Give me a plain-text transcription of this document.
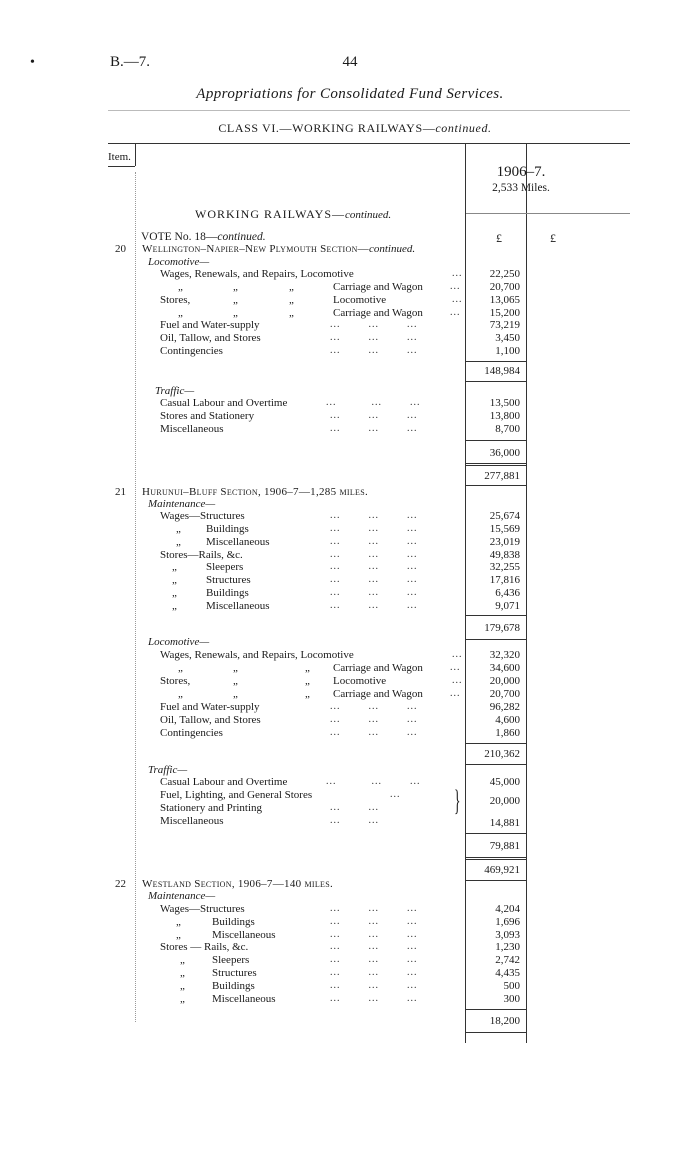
•	B.—7.	44
Appropriations for Consolidated Fund Services.
CLASS VI.—WORKING RAILWAYS—continued.
Item.
1906–7.
2,533 Miles.
£	£
WORKING RAILWAYS—continued.
VOTE No. 18—continued.
20 Wellington–Napier–New Plymouth Section—continued.
Locomotive—
Wages, Renewals, and Repairs, Locomotive	22,250
„	„	„	Carriage and Wagon	20,700
Stores,	„	„	Locomotive	13,065
„	„	„	Carriage and Wagon	15,200
Fuel and Water-supply	73,219
Oil, Tallow, and Stores	3,450
Contingencies	1,100
...
...
...
...
...        ...        ...
...        ...        ...
...        ...        ...
148,984
Traffic—
Casual Labour and Overtime	13,500
Stores and Stationery	13,800
Miscellaneous	8,700
...          ...        ...
...        ...        ...
...        ...        ...
36,000
277,881
21 Hurunui–Bluff Section, 1906–7—1,285 miles.
Maintenance—
Wages—Structures	25,674
„ Buildings	15,569
„ Miscellaneous	23,019
Stores—Rails, &c.	49,838
„	Sleepers	32,255
„	Structures	17,816
„	Buildings	6,436
„	Miscellaneous	9,071
...        ...        ...
...        ...        ...
...        ...        ...
...        ...        ...
...        ...        ...
...        ...        ...
...        ...        ...
...        ...        ...
179,678
Locomotive—
Wages, Renewals, and Repairs, Locomotive	32,320
„	„	„ Carriage and Wagon	34,600
Stores,	„	„ Locomotive	20,000
„	„	„ Carriage and Wagon	20,700
Fuel and Water-supply	96,282
Oil, Tallow, and Stores	4,600
Contingencies	1,860
...
...
...
...
...        ...        ...
...        ...        ...
...        ...        ...
210,362
Traffic—
Casual Labour and Overtime	45,000
Fuel, Lighting, and General Stores
Stationery and Printing	}	20,000
Miscellaneous	14,881
...          ...        ...
...
...        ...
...        ...
79,881
469,921
22 Westland Section, 1906–7—140 miles.
Maintenance—
Wages—Structures	4,204
„	Buildings	1,696
„	Miscellaneous	3,093
Stores — Rails, &c.	1,230
„ Sleepers	2,742
„ Structures	4,435
„ Buildings	500
„ Miscellaneous	300
...        ...        ...
...        ...        ...
...        ...        ...
...        ...        ...
...        ...        ...
...        ...        ...
...        ...        ...
...        ...        ...
18,200
